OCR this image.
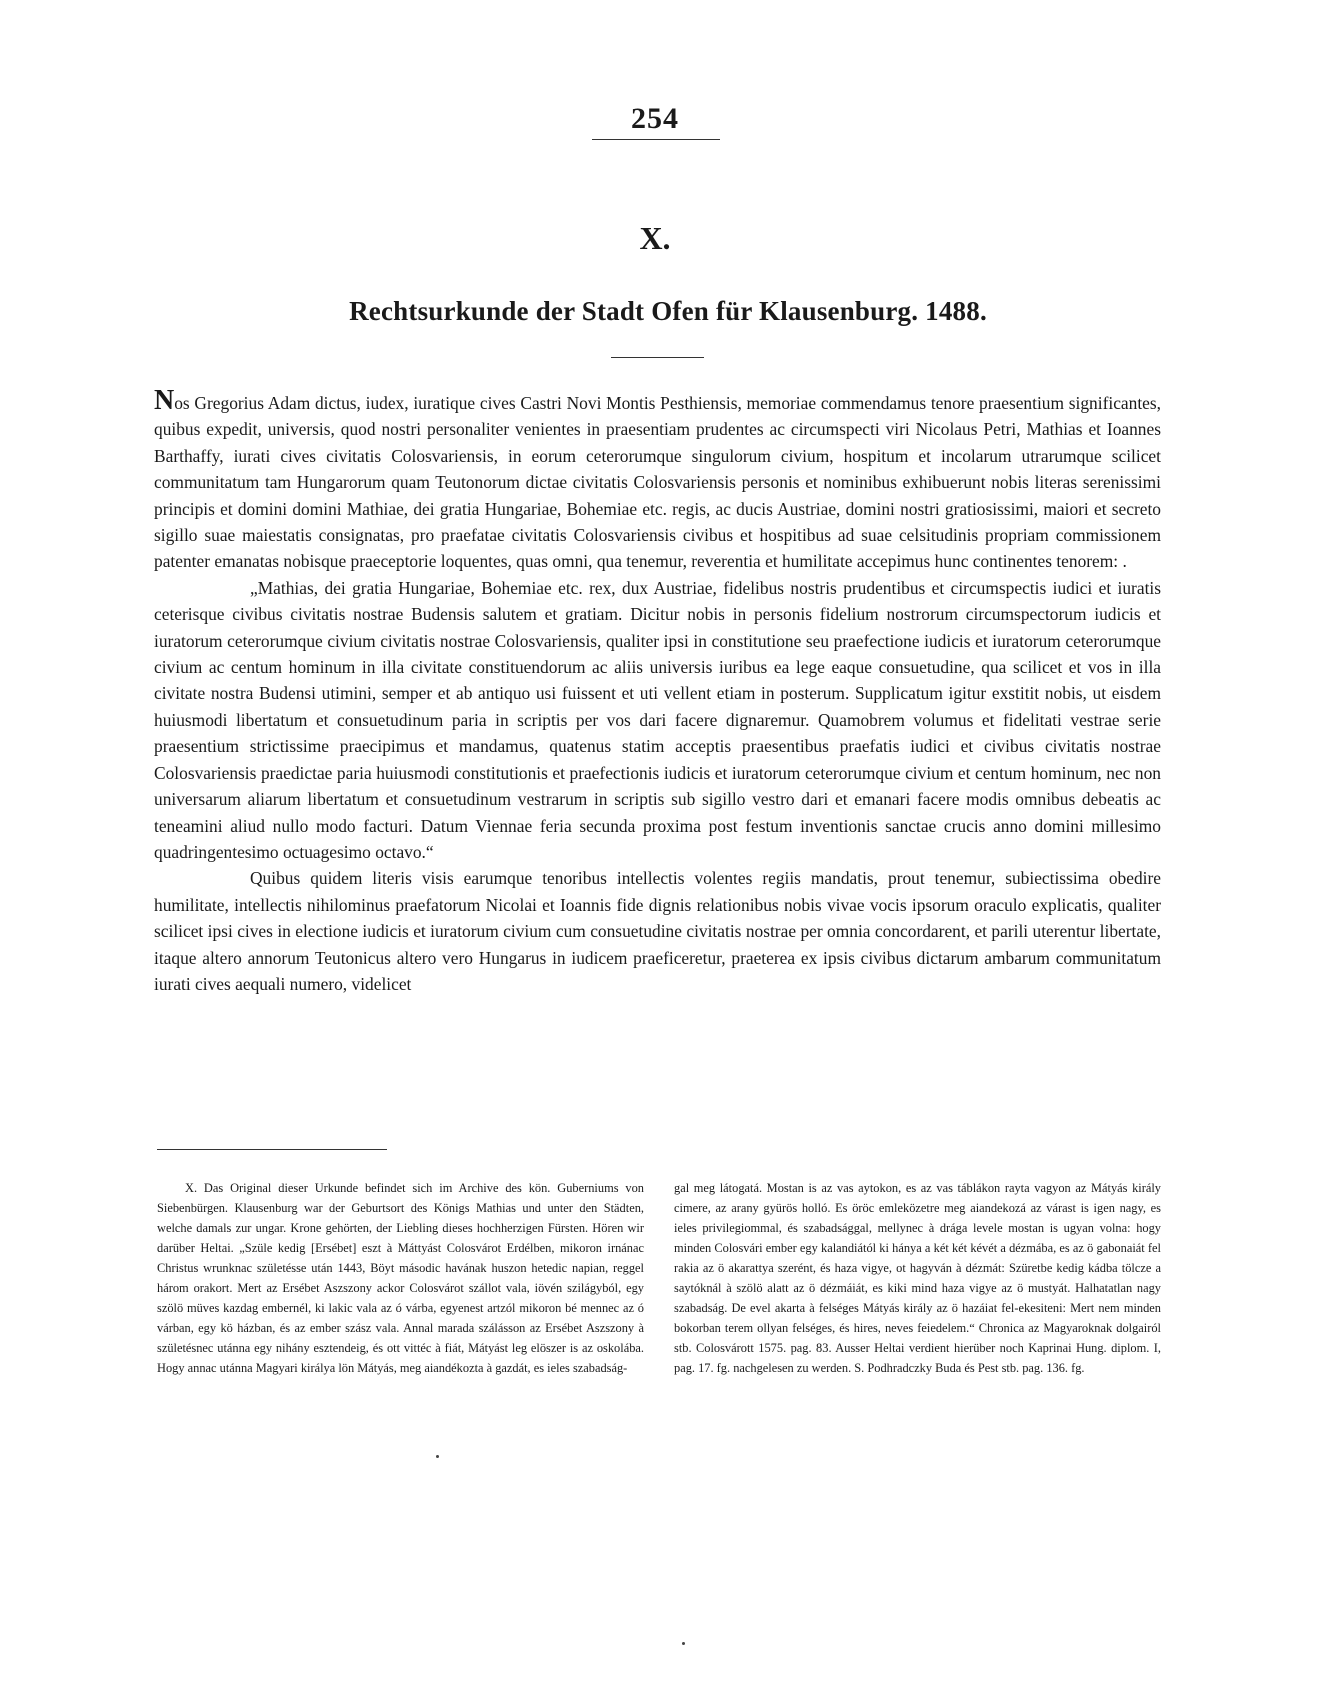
254
X.
Rechtsurkunde der Stadt Ofen für Klausenburg. 1488.

Nos Gregorius Adam dictus, iudex, iuratique cives Castri Novi Montis Pesthiensis, memoriae commendamus tenore praesentium significantes, quibus expedit, universis, quod nostri personaliter venientes in praesentiam prudentes ac circumspecti viri Nicolaus Petri, Mathias et Ioannes Barthaffy, iurati cives civitatis Colosvariensis, in eorum ceterorumque singulorum civium, hospitum et incolarum utrarumque scilicet communitatum tam Hungarorum quam Teutonorum dictae civitatis Colosvariensis personis et nominibus exhibuerunt nobis literas serenissimi principis et domini domini Mathiae, dei gratia Hungariae, Bohemiae etc. regis, ac ducis Austriae, domini nostri gratiosissimi, maiori et secreto sigillo suae maiestatis consignatas, pro praefatae civitatis Colosvariensis civibus et hospitibus ad suae celsitudinis propriam commissionem patenter emanatas nobisque praeceptorie loquentes, quas omni, qua tenemur, reverentia et humilitate accepimus hunc continentes tenorem: .

„Mathias, dei gratia Hungariae, Bohemiae etc. rex, dux Austriae, fidelibus nostris prudentibus et circumspectis iudici et iuratis ceterisque civibus civitatis nostrae Budensis salutem et gratiam. Dicitur nobis in personis fidelium nostrorum circumspectorum iudicis et iuratorum ceterorumque civium civitatis nostrae Colosvariensis, qualiter ipsi in constitutione seu praefectione iudicis et iuratorum ceterorumque civium ac centum hominum in illa civitate constituendorum ac aliis universis iuribus ea lege eaque consuetudine, qua scilicet et vos in illa civitate nostra Budensi utimini, semper et ab antiquo usi fuissent et uti vellent etiam in posterum. Supplicatum igitur exstitit nobis, ut eisdem huiusmodi libertatum et consuetudinum paria in scriptis per vos dari facere dignaremur. Quamobrem volumus et fidelitati vestrae serie praesentium strictissime praecipimus et mandamus, quatenus statim acceptis praesentibus praefatis iudici et civibus civitatis nostrae Colosvariensis praedictae paria huiusmodi constitutionis et praefectionis iudicis et iuratorum ceterorumque civium et centum hominum, nec non universarum aliarum libertatum et consuetudinum vestrarum in scriptis sub sigillo vestro dari et emanari facere modis omnibus debeatis ac teneamini aliud nullo modo facturi. Datum Viennae feria secunda proxima post festum inventionis sanctae crucis anno domini millesimo quadringentesimo octuagesimo octavo.“

Quibus quidem literis visis earumque tenoribus intellectis volentes regiis mandatis, prout tenemur, subiectissima obedire humilitate, intellectis nihilominus praefatorum Nicolai et Ioannis fide dignis relationibus nobis vivae vocis ipsorum oraculo explicatis, qualiter scilicet ipsi cives in electione iudicis et iuratorum civium cum consuetudine civitatis nostrae per omnia concordarent, et parili uterentur libertate, itaque altero annorum Teutonicus altero vero Hungarus in iudicem praeficeretur, praeterea ex ipsis civibus dictarum ambarum communitatum iurati cives aequali numero, videlicet

X. Das Original dieser Urkunde befindet sich im Archive des kön. Guberniums von Siebenbürgen. Klausenburg war der Geburtsort des Königs Mathias und unter den Städten, welche damals zur ungar. Krone gehörten, der Liebling dieses hochherzigen Fürsten. Hören wir darüber Heltai. „Szüle kedig [Ersébet] eszt à Máttyást Colosvárot Erdélben, mikoron irnánac Christus wrunknac születésse után 1443, Böyt másodic havának huszon hetedic napian, reggel három orakort. Mert az Ersébet Aszszony ackor Colosvárot szállot vala, iövén szilágyból, egy szölö müves kazdag embernél, ki lakic vala az ó várba, egyenest artzól mikoron bé mennec az ó várban, egy kö házban, és az ember szász vala. Annal marada szálásson az Ersébet Aszszony à születésnec utánna egy nihány esztendeig, és ott vittéc à fiát, Mátyást leg elöszer is az oskolába. Hogy annac utánna Magyari királya lön Mátyás, meg aiandékozta à gazdát, es ieles szabadság-

gal meg látogatá. Mostan is az vas aytokon, es az vas táblákon rayta vagyon az Mátyás király cimere, az arany gyürös holló. Es öröc emleközetre meg aiandekozá az várast is igen nagy, es ieles privilegiommal, és szabadsággal, mellynec à drága levele mostan is ugyan volna: hogy minden Colosvári ember egy kalandiától ki hánya a két két kévét a dézmába, es az ö gabonaiát fel rakia az ö akarattya szerént, és haza vigye, ot hagyván à dézmát: Szüretbe kedig kádba tölcze a saytóknál à szölö alatt az ö dézmáiát, es kiki mind haza vigye az ö mustyát. Halhatatlan nagy szabadság. De evel akarta à felséges Mátyás király az ö hazáiat fel-ekesiteni: Mert nem minden bokorban terem ollyan felséges, és hires, neves feiedelem.“ Chronica az Magyaroknak dolgairól stb. Colosvárott 1575. pag. 83. Ausser Heltai verdient hierüber noch Kaprinai Hung. diplom. I, pag. 17. fg. nachgelesen zu werden. S. Podhradczky Buda és Pest stb. pag. 136. fg.
